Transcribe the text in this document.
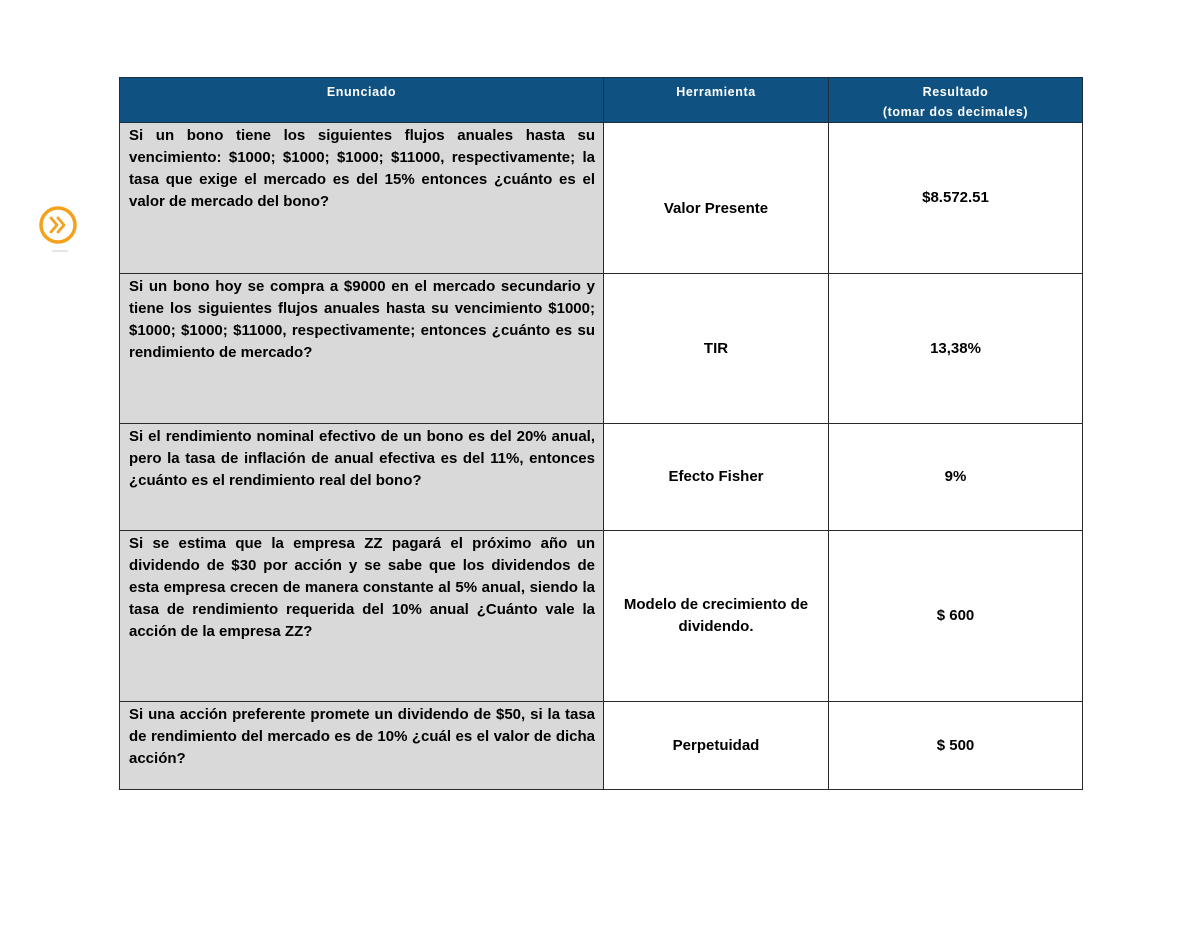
Enunciado	Herramienta	Resultado
(tomar dos decimales)

Si un bono tiene los siguientes flujos anuales hasta su vencimiento: $1000; $1000; $1000; $11000, respectivamente; la tasa que exige el mercado es del 15% entonces ¿cuánto es el valor de mercado del bono?	Valor Presente	$8.572.51
Si un bono hoy se compra a $9000 en el mercado secundario y tiene los siguientes flujos anuales hasta su vencimiento $1000; $1000; $1000; $11000, respectivamente; entonces ¿cuánto es su rendimiento de mercado?	TIR	13,38%
Si el rendimiento nominal efectivo de un bono es del 20% anual, pero la tasa de inflación de anual efectiva es del 11%, entonces ¿cuánto es el rendimiento real del bono?	Efecto Fisher	9%
Si se estima que la empresa ZZ pagará el próximo año un dividendo de $30 por acción y se sabe que los dividendos de esta empresa crecen de manera constante al 5% anual, siendo la tasa de rendimiento requerida del 10% anual ¿Cuánto vale la acción de la empresa ZZ?	Modelo de crecimiento de dividendo.	$ 600
Si una acción preferente promete un dividendo de $50, si la tasa de rendimiento del mercado es de 10% ¿cuál es el valor de dicha acción?	Perpetuidad	$ 500
